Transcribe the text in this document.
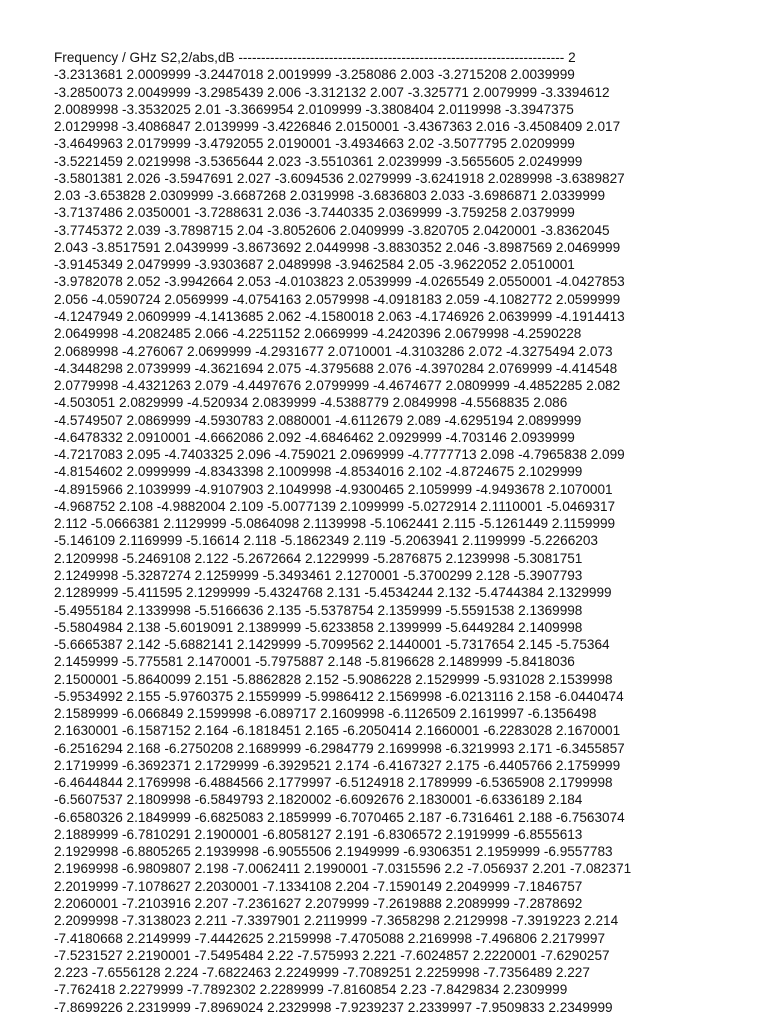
Frequency / GHz S2,2/abs,dB ------------------------------------------------------------------------ 2
-3.2313681 2.0009999 -3.2447018 2.0019999 -3.258086 2.003 -3.2715208 2.0039999
-3.2850073 2.0049999 -3.2985439 2.006 -3.312132 2.007 -3.325771 2.0079999 -3.3394612
2.0089998 -3.3532025 2.01 -3.3669954 2.0109999 -3.3808404 2.0119998 -3.3947375
2.0129998 -3.4086847 2.0139999 -3.4226846 2.0150001 -3.4367363 2.016 -3.4508409 2.017
-3.4649963 2.0179999 -3.4792055 2.0190001 -3.4934663 2.02 -3.5077795 2.0209999
-3.5221459 2.0219998 -3.5365644 2.023 -3.5510361 2.0239999 -3.5655605 2.0249999
-3.5801381 2.026 -3.5947691 2.027 -3.6094536 2.0279999 -3.6241918 2.0289998 -3.6389827
2.03 -3.653828 2.0309999 -3.6687268 2.0319998 -3.6836803 2.033 -3.6986871 2.0339999
-3.7137486 2.0350001 -3.7288631 2.036 -3.7440335 2.0369999 -3.759258 2.0379999
-3.7745372 2.039 -3.7898715 2.04 -3.8052606 2.0409999 -3.820705 2.0420001 -3.8362045
2.043 -3.8517591 2.0439999 -3.8673692 2.0449998 -3.8830352 2.046 -3.8987569 2.0469999
-3.9145349 2.0479999 -3.9303687 2.0489998 -3.9462584 2.05 -3.9622052 2.0510001
-3.9782078 2.052 -3.9942664 2.053 -4.0103823 2.0539999 -4.0265549 2.0550001 -4.0427853
2.056 -4.0590724 2.0569999 -4.0754163 2.0579998 -4.0918183 2.059 -4.1082772 2.0599999
-4.1247949 2.0609999 -4.1413685 2.062 -4.1580018 2.063 -4.1746926 2.0639999 -4.1914413
2.0649998 -4.2082485 2.066 -4.2251152 2.0669999 -4.2420396 2.0679998 -4.2590228
2.0689998 -4.276067 2.0699999 -4.2931677 2.0710001 -4.3103286 2.072 -4.3275494 2.073
-4.3448298 2.0739999 -4.3621694 2.075 -4.3795688 2.076 -4.3970284 2.0769999 -4.414548
2.0779998 -4.4321263 2.079 -4.4497676 2.0799999 -4.4674677 2.0809999 -4.4852285 2.082
-4.503051 2.0829999 -4.520934 2.0839999 -4.5388779 2.0849998 -4.5568835 2.086
-4.5749507 2.0869999 -4.5930783 2.0880001 -4.6112679 2.089 -4.6295194 2.0899999
-4.6478332 2.0910001 -4.6662086 2.092 -4.6846462 2.0929999 -4.703146 2.0939999
-4.7217083 2.095 -4.7403325 2.096 -4.759021 2.0969999 -4.7777713 2.098 -4.7965838 2.099
-4.8154602 2.0999999 -4.8343398 2.1009998 -4.8534016 2.102 -4.8724675 2.1029999
-4.8915966 2.1039999 -4.9107903 2.1049998 -4.9300465 2.1059999 -4.9493678 2.1070001
-4.968752 2.108 -4.9882004 2.109 -5.0077139 2.1099999 -5.0272914 2.1110001 -5.0469317
2.112 -5.0666381 2.1129999 -5.0864098 2.1139998 -5.1062441 2.115 -5.1261449 2.1159999
-5.146109 2.1169999 -5.16614 2.118 -5.1862349 2.119 -5.2063941 2.1199999 -5.2266203
2.1209998 -5.2469108 2.122 -5.2672664 2.1229999 -5.2876875 2.1239998 -5.3081751
2.1249998 -5.3287274 2.1259999 -5.3493461 2.1270001 -5.3700299 2.128 -5.3907793
2.1289999 -5.411595 2.1299999 -5.4324768 2.131 -5.4534244 2.132 -5.4744384 2.1329999
-5.4955184 2.1339998 -5.5166636 2.135 -5.5378754 2.1359999 -5.5591538 2.1369998
-5.5804984 2.138 -5.6019091 2.1389999 -5.6233858 2.1399999 -5.6449284 2.1409998
-5.6665387 2.142 -5.6882141 2.1429999 -5.7099562 2.1440001 -5.7317654 2.145 -5.75364
2.1459999 -5.775581 2.1470001 -5.7975887 2.148 -5.8196628 2.1489999 -5.8418036
2.1500001 -5.8640099 2.151 -5.8862828 2.152 -5.9086228 2.1529999 -5.931028 2.1539998
-5.9534992 2.155 -5.9760375 2.1559999 -5.9986412 2.1569998 -6.0213116 2.158 -6.0440474
2.1589999 -6.066849 2.1599998 -6.089717 2.1609998 -6.1126509 2.1619997 -6.1356498
2.1630001 -6.1587152 2.164 -6.1818451 2.165 -6.2050414 2.1660001 -6.2283028 2.1670001
-6.2516294 2.168 -6.2750208 2.1689999 -6.2984779 2.1699998 -6.3219993 2.171 -6.3455857
2.1719999 -6.3692371 2.1729999 -6.3929521 2.174 -6.4167327 2.175 -6.4405766 2.1759999
-6.4644844 2.1769998 -6.4884566 2.1779997 -6.5124918 2.1789999 -6.5365908 2.1799998
-6.5607537 2.1809998 -6.5849793 2.1820002 -6.6092676 2.1830001 -6.6336189 2.184
-6.6580326 2.1849999 -6.6825083 2.1859999 -6.7070465 2.187 -6.7316461 2.188 -6.7563074
2.1889999 -6.7810291 2.1900001 -6.8058127 2.191 -6.8306572 2.1919999 -6.8555613
2.1929998 -6.8805265 2.1939998 -6.9055506 2.1949999 -6.9306351 2.1959999 -6.9557783
2.1969998 -6.9809807 2.198 -7.0062411 2.1990001 -7.0315596 2.2 -7.056937 2.201 -7.082371
2.2019999 -7.1078627 2.2030001 -7.1334108 2.204 -7.1590149 2.2049999 -7.1846757
2.2060001 -7.2103916 2.207 -7.2361627 2.2079999 -7.2619888 2.2089999 -7.2878692
2.2099998 -7.3138023 2.211 -7.3397901 2.2119999 -7.3658298 2.2129998 -7.3919223 2.214
-7.4180668 2.2149999 -7.4442625 2.2159998 -7.4705088 2.2169998 -7.496806 2.2179997
-7.5231527 2.2190001 -7.5495484 2.22 -7.575993 2.221 -7.6024857 2.2220001 -7.6290257
2.223 -7.6556128 2.224 -7.6822463 2.2249999 -7.7089251 2.2259998 -7.7356489 2.227
-7.762418 2.2279999 -7.7892302 2.2289999 -7.8160854 2.23 -7.8429834 2.2309999
-7.8699226 2.2319999 -7.8969024 2.2329998 -7.9239237 2.2339997 -7.9509833 2.2349999
